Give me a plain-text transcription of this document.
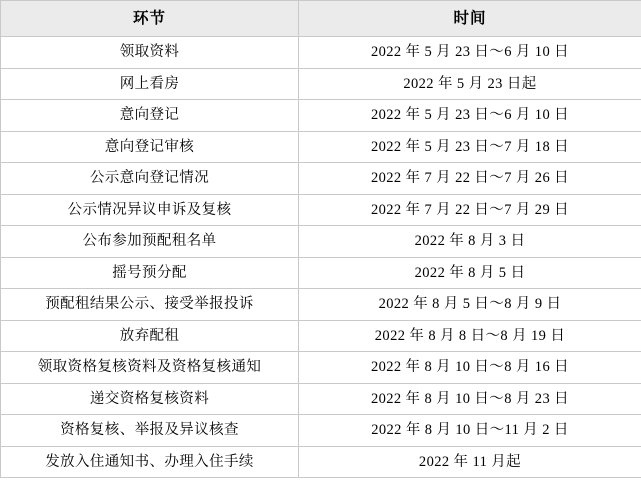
环节	时间
领取资料	2022 年 5 月 23 日～6 月 10 日
网上看房	2022 年 5 月 23 日起
意向登记	2022 年 5 月 23 日～6 月 10 日
意向登记审核	2022 年 5 月 23 日～7 月 18 日
公示意向登记情况	2022 年 7 月 22 日～7 月 26 日
公示情况异议申诉及复核	2022 年 7 月 22 日～7 月 29 日
公布参加预配租名单	2022 年 8 月 3 日
摇号预分配	2022 年 8 月 5 日
预配租结果公示、接受举报投诉	2022 年 8 月 5 日～8 月 9 日
放弃配租	2022 年 8 月 8 日～8 月 19 日
领取资格复核资料及资格复核通知	2022 年 8 月 10 日～8 月 16 日
递交资格复核资料	2022 年 8 月 10 日～8 月 23 日
资格复核、举报及异议核查	2022 年 8 月 10 日～11 月 2 日
发放入住通知书、办理入住手续	2022 年 11 月起
